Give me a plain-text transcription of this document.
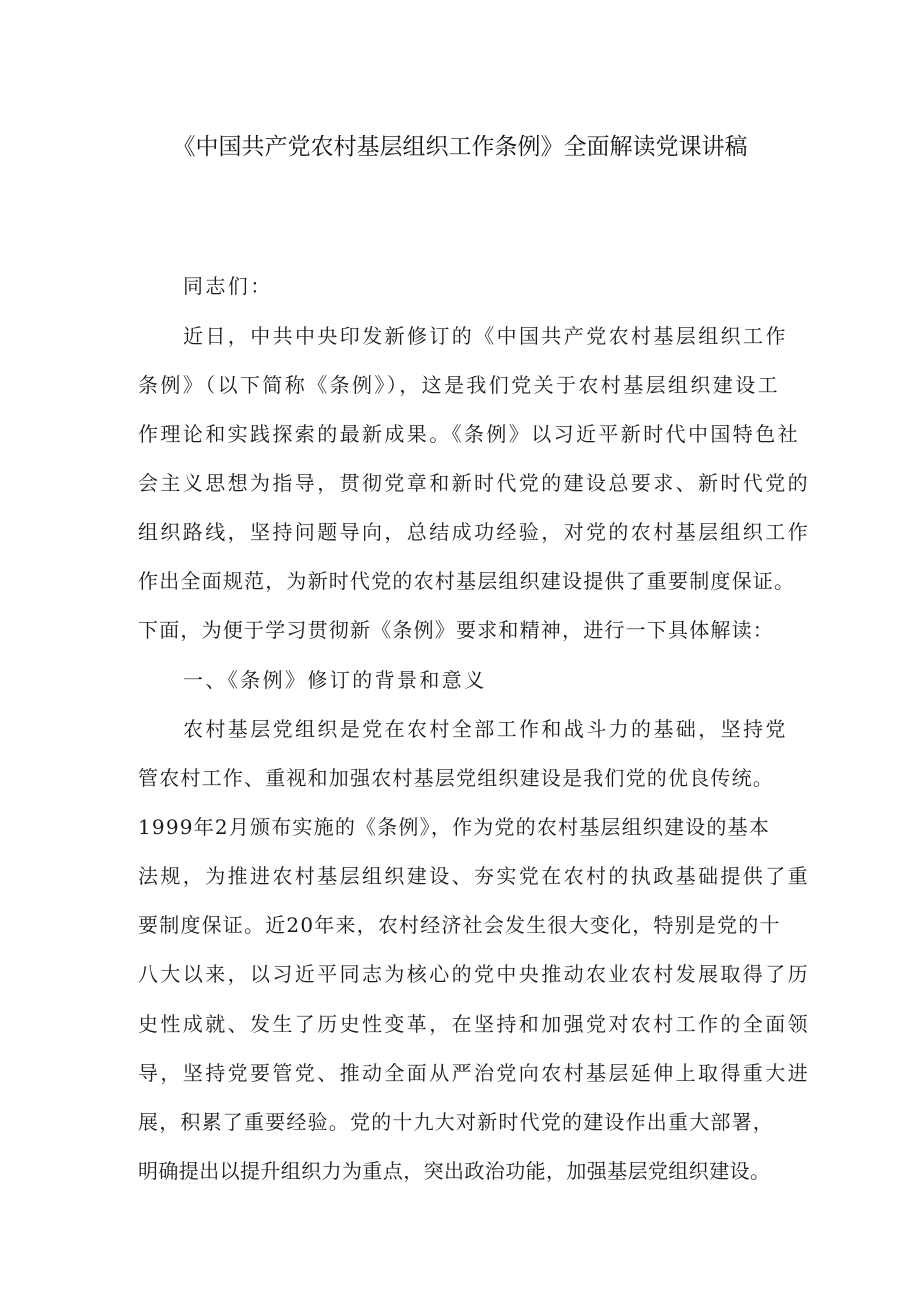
《中国共产党农村基层组织工作条例》全面解读党课讲稿
同志们：
近日，中共中央印发新修订的《中国共产党农村基层组织工作
条例》（以下简称《条例》），这是我们党关于农村基层组织建设工
作理论和实践探索的最新成果。《条例》以习近平新时代中国特色社
会主义思想为指导，贯彻党章和新时代党的建设总要求、新时代党的
组织路线，坚持问题导向，总结成功经验，对党的农村基层组织工作
作出全面规范，为新时代党的农村基层组织建设提供了重要制度保证。
下面，为便于学习贯彻新《条例》要求和精神，进行一下具体解读：
一、《条例》修订的背景和意义
农村基层党组织是党在农村全部工作和战斗力的基础，坚持党
管农村工作、重视和加强农村基层党组织建设是我们党的优良传统。
1999年2月颁布实施的《条例》，作为党的农村基层组织建设的基本
法规，为推进农村基层组织建设、夯实党在农村的执政基础提供了重
要制度保证。近20年来，农村经济社会发生很大变化，特别是党的十
八大以来，以习近平同志为核心的党中央推动农业农村发展取得了历
史性成就、发生了历史性变革，在坚持和加强党对农村工作的全面领
导，坚持党要管党、推动全面从严治党向农村基层延伸上取得重大进
展，积累了重要经验。党的十九大对新时代党的建设作出重大部署，
明确提出以提升组织力为重点，突出政治功能，加强基层党组织建设。
